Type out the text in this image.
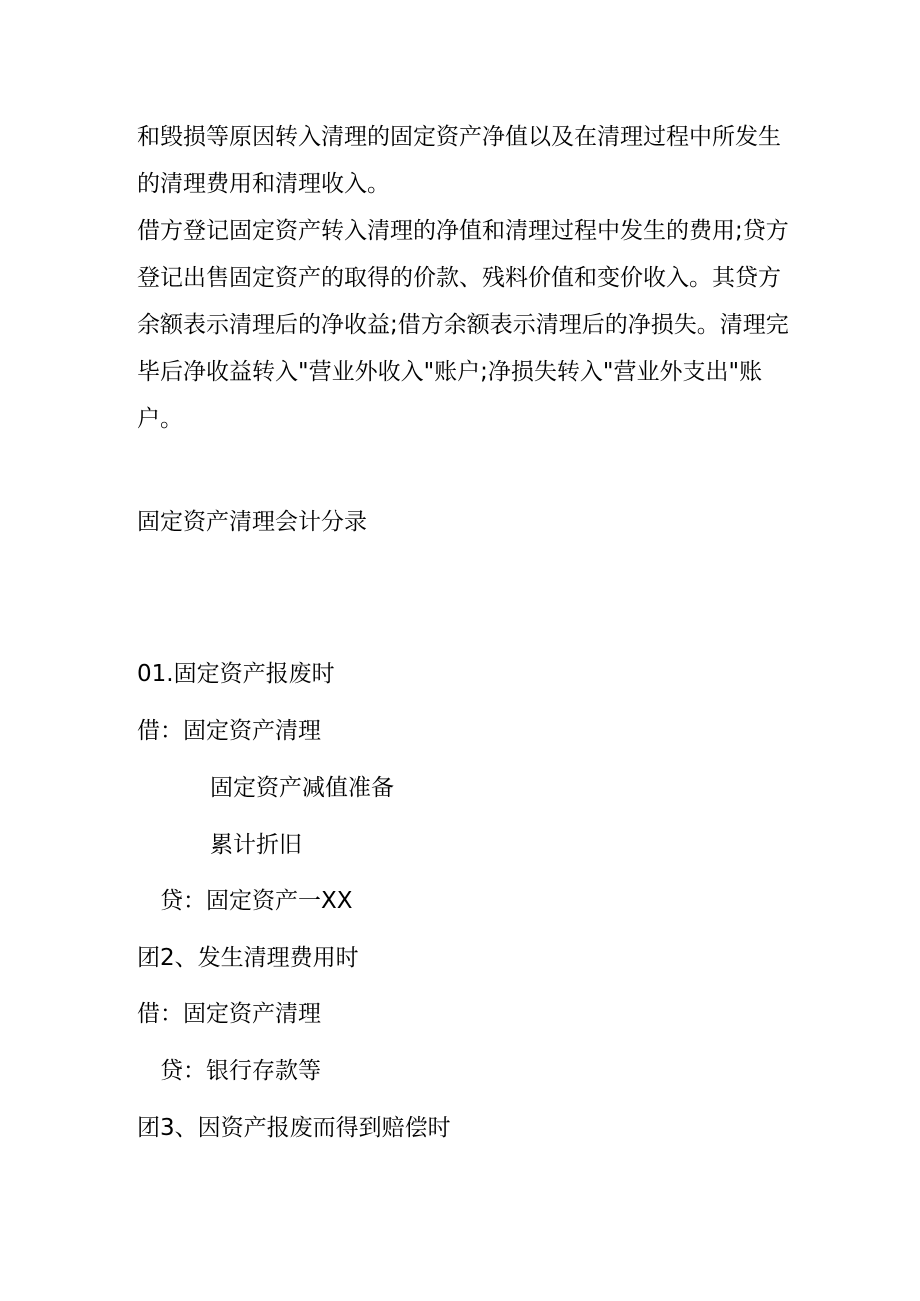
和毁损等原因转入清理的固定资产净值以及在清理过程中所发生的清理费用和清理收入。

借方登记固定资产转入清理的净值和清理过程中发生的费用;贷方登记出售固定资产的取得的价款、残料价值和变价收入。其贷方余额表示清理后的净收益;借方余额表示清理后的净损失。清理完毕后净收益转入"营业外收入"账户;净损失转入"营业外支出"账户。

固定资产清理会计分录
01.固定资产报废时
借：固定资产清理
固定资产减值准备
累计折旧
贷：固定资产一XX
团2、发生清理费用时
借：固定资产清理
贷：银行存款等
团3、因资产报废而得到赔偿时
